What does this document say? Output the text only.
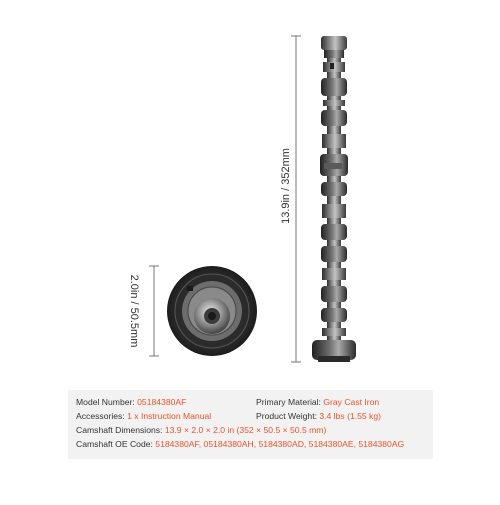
13.9in / 352mm
2.0in / 50.5mm
Model Number: 05184380AF	Primary Material: Gray Cast Iron
Accessories: 1 x Instruction Manual	Product Weight: 3.4 lbs (1.55 kg)
Camshaft Dimensions: 13.9 × 2.0 × 2.0 in (352 × 50.5 × 50.5 mm)
Camshaft OE Code: 5184380AF, 05184380AH, 5184380AD, 5184380AE, 5184380AG
